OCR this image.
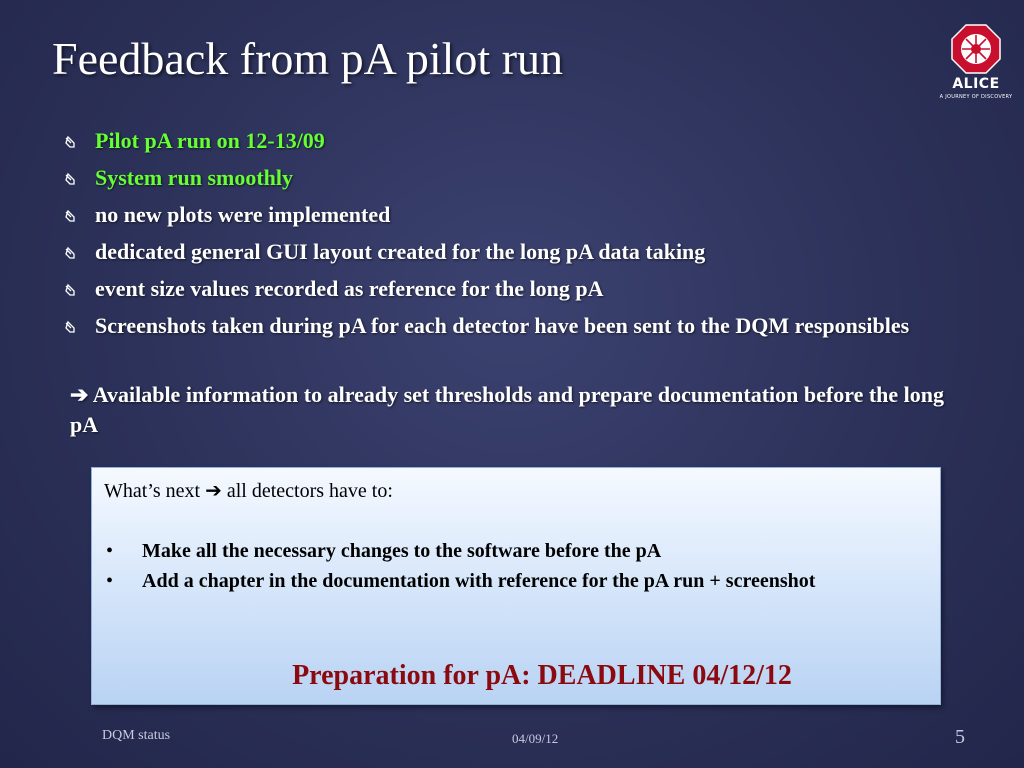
Feedback from pA pilot run	ALICE
A JOURNEY OF DISCOVERY
Pilot pA run on 12-13/09
System run smoothly
no new plots were implemented
dedicated general GUI layout created for the long pA data taking
event size values recorded as reference for the long pA
Screenshots taken during pA for each detector have been sent to the DQM responsibles
➔ Available information to already set thresholds and prepare documentation before the long pA
What’s next ➔ all detectors have to:
• Make all the necessary changes to the software before the pA
• Add a chapter in the documentation with reference for the pA run + screenshot
Preparation for pA: DEADLINE 04/12/12
DQM status	04/09/12	5
